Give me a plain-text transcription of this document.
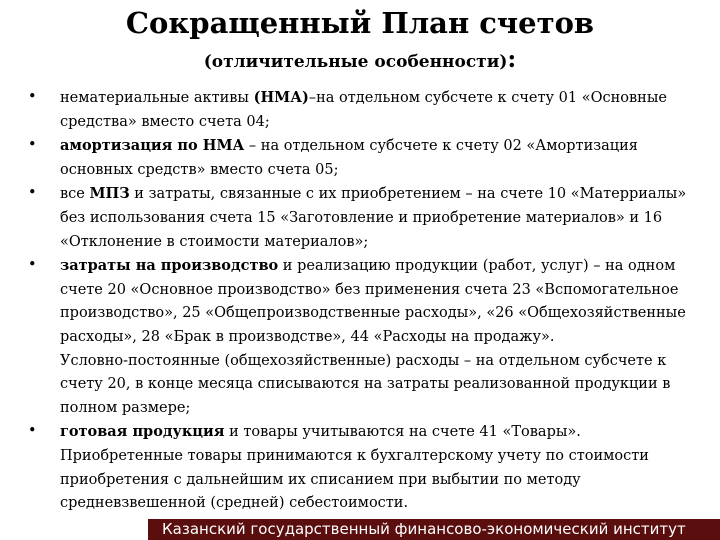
Сокращенный План счетов
(отличительные особенности):

• нематериальные активы (НМА)–на отдельном субсчете к счету 01 «Основные средства» вместо счета 04;

• амортизация по НМА – на отдельном субсчете к счету 02 «Амортизация основных средств» вместо счета 05;

• все МПЗ и затраты, связанные с их приобретением – на счете 10 «Матерриалы» без использования счета 15 «Заготовление и приобретение материалов» и 16 «Отклонение в стоимости материалов»;

• затраты на производство и реализацию продукции (работ, услуг) – на одном счете 20 «Основное производство» без применения счета 23 «Вспомогательное производство», 25 «Общепроизводственные расходы», «26 «Общехозяйственные расходы», 28 «Брак в производстве», 44 «Расходы на продажу».

Условно-постоянные (общехозяйственные) расходы – на отдельном субсчете к счету 20, в конце месяца списываются на затраты реализованной продукции в полном размере;

• готовая продукция и товары учитываются на счете 41 «Товары». Приобретенные товары принимаются к бухгалтерскому учету по стоимости приобретения с дальнейшим их списанием при выбытии по методу средневзвешенной (средней) себестоимости.

Казанский государственный финансово-экономический институт
